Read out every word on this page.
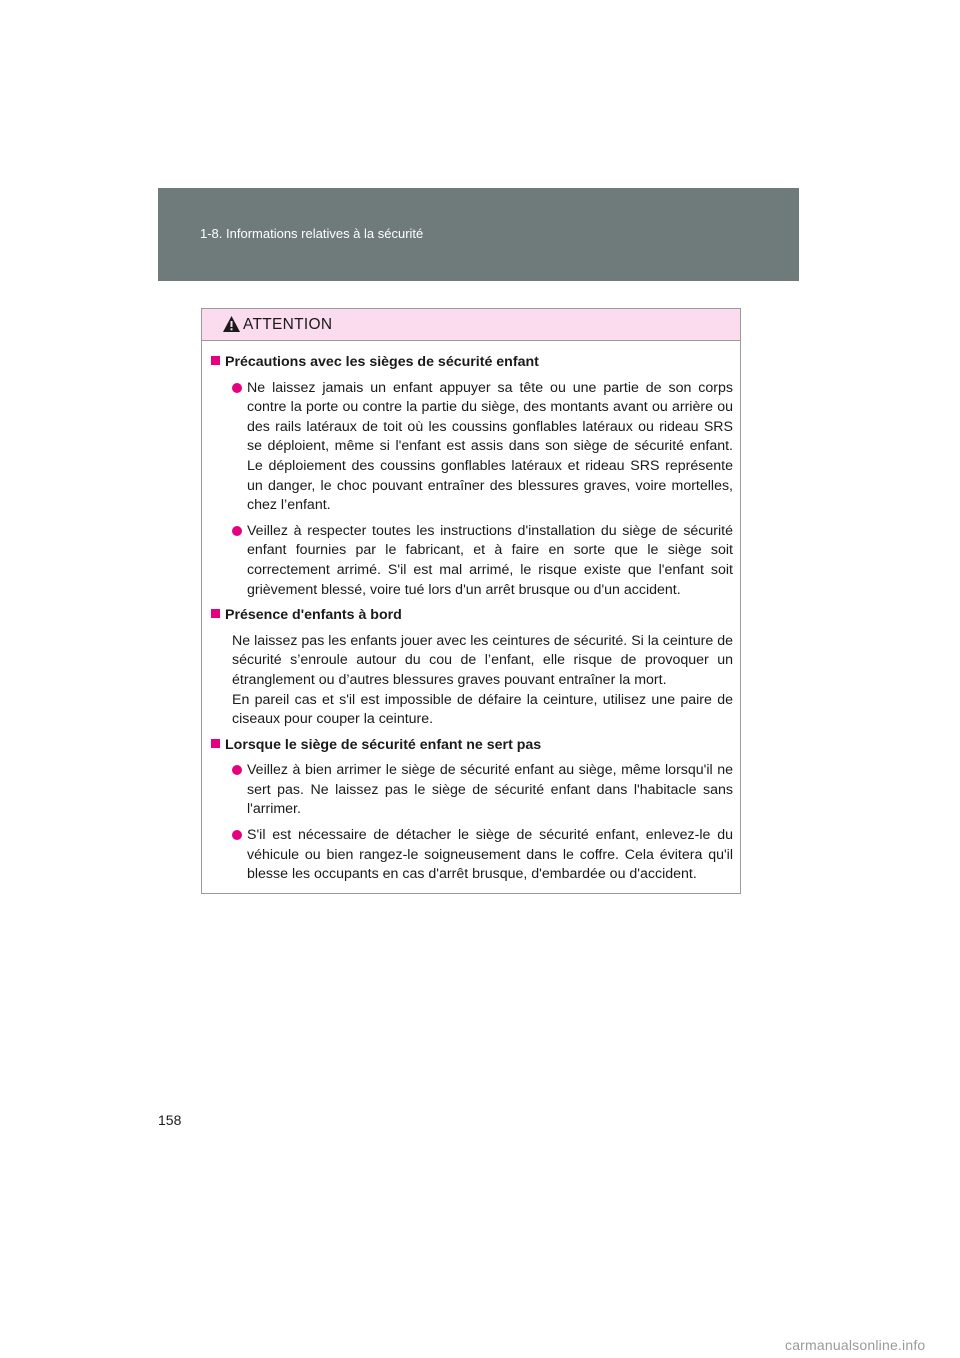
1-8. Informations relatives à la sécurité
ATTENTION
Précautions avec les sièges de sécurité enfant
Ne laissez jamais un enfant appuyer sa tête ou une partie de son corps contre la porte ou contre la partie du siège, des montants avant ou arrière ou des rails latéraux de toit où les coussins gonflables latéraux ou rideau SRS se déploient, même si l'enfant est assis dans son siège de sécurité enfant. Le déploiement des coussins gonflables latéraux et rideau SRS représente un danger, le choc pouvant entraîner des blessures graves, voire mortelles, chez l’enfant.
Veillez à respecter toutes les instructions d'installation du siège de sécurité enfant fournies par le fabricant, et à faire en sorte que le siège soit correctement arrimé. S'il est mal arrimé, le risque existe que l'enfant soit grièvement blessé, voire tué lors d'un arrêt brusque ou d'un accident.
Présence d'enfants à bord
Ne laissez pas les enfants jouer avec les ceintures de sécurité. Si la ceinture de sécurité s’enroule autour du cou de l’enfant, elle risque de provoquer un étranglement ou d’autres blessures graves pouvant entraîner la mort.
En pareil cas et s'il est impossible de défaire la ceinture, utilisez une paire de ciseaux pour couper la ceinture.
Lorsque le siège de sécurité enfant ne sert pas
Veillez à bien arrimer le siège de sécurité enfant au siège, même lorsqu'il ne sert pas. Ne laissez pas le siège de sécurité enfant dans l'habitacle sans l'arrimer.
S'il est nécessaire de détacher le siège de sécurité enfant, enlevez-le du véhicule ou bien rangez-le soigneusement dans le coffre. Cela évitera qu'il blesse les occupants en cas d'arrêt brusque, d'embardée ou d'accident.
158
carmanualsonline.info
